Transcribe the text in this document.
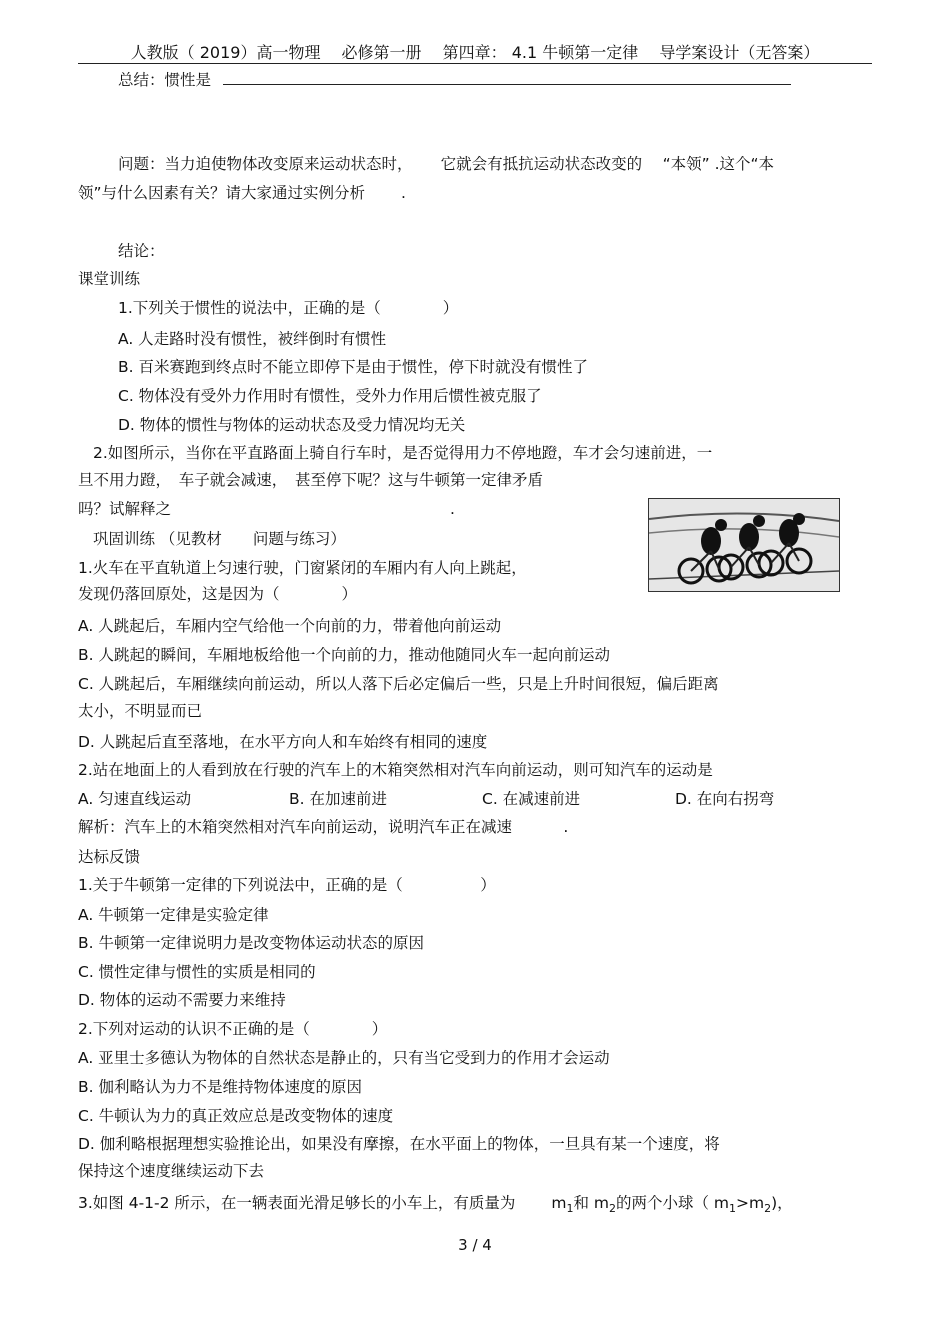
人教版（ 2019）高一物理　 必修第一册　 第四章： 4.1 牛顿第一定律　 导学案设计（无答案）
总结：惯性是
问题：当力迫使物体改变原来运动状态时，　　 它就会有抵抗运动状态改变的　 “本领” .这个“本
领”与什么因素有关？请大家通过实例分析　　 .
结论：
课堂训练
1.下列关于惯性的说法中，正确的是（　　　　）
A. 人走路时没有惯性，被绊倒时有惯性
B. 百米赛跑到终点时不能立即停下是由于惯性，停下时就没有惯性了
C. 物体没有受外力作用时有惯性，受外力作用后惯性被克服了
D. 物体的惯性与物体的运动状态及受力情况均无关
2.如图所示，当你在平直路面上骑自行车时，是否觉得用力不停地蹬，车才会匀速前进，一
旦不用力蹬，　车子就会减速，　甚至停下呢？这与牛顿第一定律矛盾
吗？试解释之　　　　　　　　　　　　　　　　　　.
巩固训练 （见教材　　问题与练习）
1.火车在平直轨道上匀速行驶，门窗紧闭的车厢内有人向上跳起，
发现仍落回原处，这是因为（　　　　）
A. 人跳起后，车厢内空气给他一个向前的力，带着他向前运动
B. 人跳起的瞬间，车厢地板给他一个向前的力，推动他随同火车一起向前运动
C. 人跳起后，车厢继续向前运动，所以人落下后必定偏后一些，只是上升时间很短，偏后距离
太小，不明显而已
D. 人跳起后直至落地，在水平方向人和车始终有相同的速度
2.站在地面上的人看到放在行驶的汽车上的木箱突然相对汽车向前运动，则可知汽车的运动是
A. 匀速直线运动	B. 在加速前进	C. 在减速前进	D. 在向右拐弯
解析：汽车上的木箱突然相对汽车向前运动，说明汽车正在减速　　　 .
达标反馈
1.关于牛顿第一定律的下列说法中，正确的是（　　　　　）
A. 牛顿第一定律是实验定律
B. 牛顿第一定律说明力是改变物体运动状态的原因
C. 惯性定律与惯性的实质是相同的
D. 物体的运动不需要力来维持
2.下列对运动的认识不正确的是（　　　　）
A. 亚里士多德认为物体的自然状态是静止的，只有当它受到力的作用才会运动
B. 伽利略认为力不是维持物体速度的原因
C. 牛顿认为力的真正效应总是改变物体的速度
D. 伽利略根据理想实验推论出，如果没有摩擦，在水平面上的物体，一旦具有某一个速度，将
保持这个速度继续运动下去
3.如图 4-1-2 所示，在一辆表面光滑足够长的小车上，有质量为　　 $m_1$和 $m_2$的两个小球（ $m_1>m_2$)，
3 / 4
